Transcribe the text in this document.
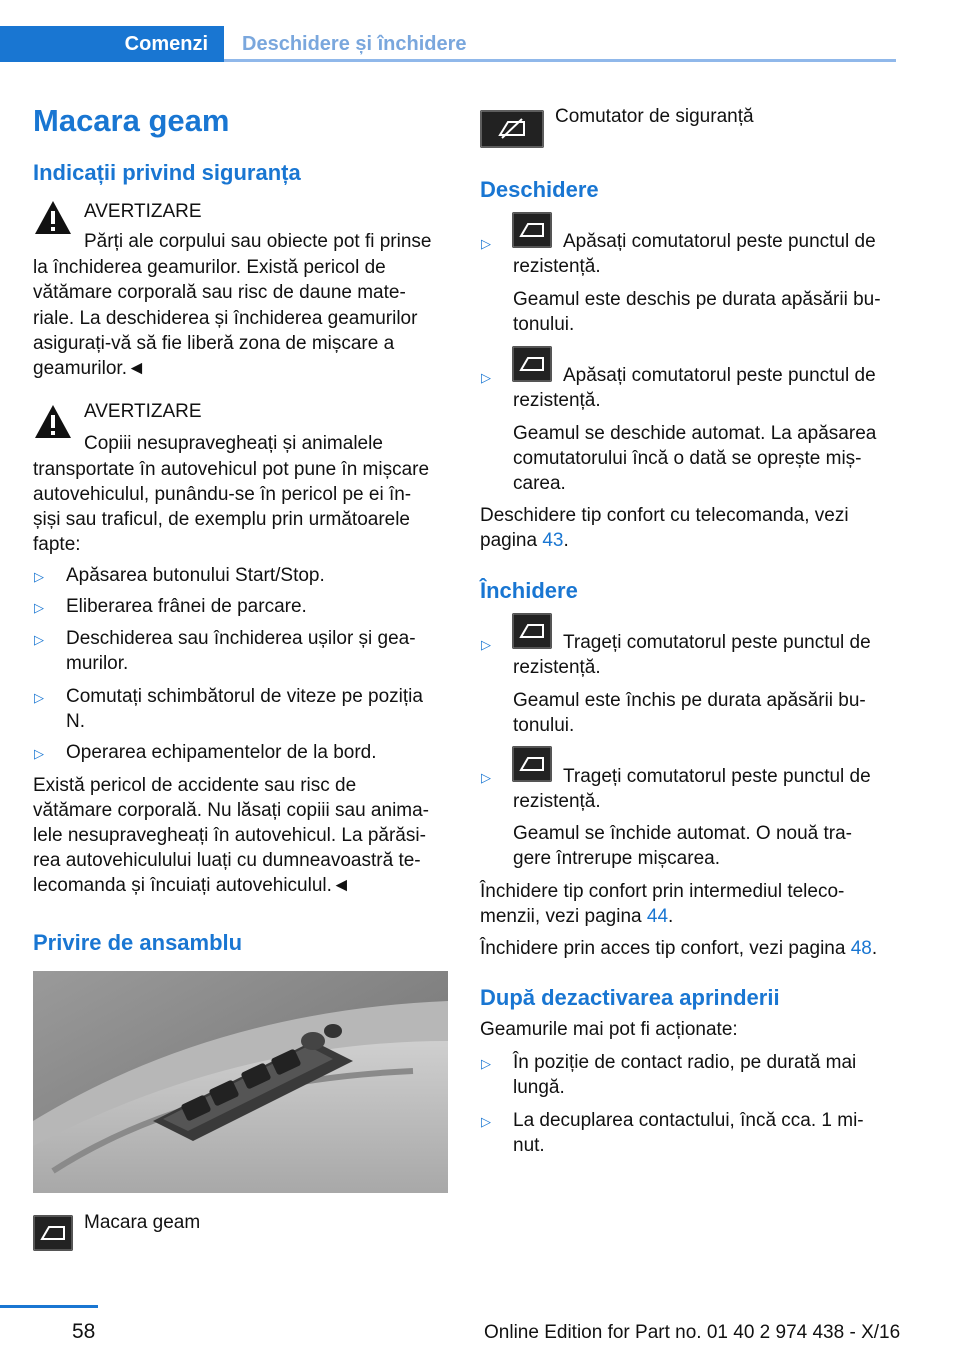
Comenzi	Deschidere și închidere
Macara geam
Indicații privind siguranța

AVERTIZARE

Părți ale corpului sau obiecte pot fi prinse

la închiderea geamurilor. Există pericol de

vătămare corporală sau risc de daune mate-

riale. La deschiderea și închiderea geamurilor

asigurați-vă să fie liberă zona de mișcare a

geamurilor.◄

AVERTIZARE

Copiii nesupravegheați și animalele

transportate în autovehicul pot pune în mișcare

autovehiculul, punându-se în pericol pe ei în-

șiși sau traficul, de exemplu prin următoarele

fapte:

▷ Apăsarea butonului Start/Stop.

▷ Eliberarea frânei de parcare.

▷ Deschiderea sau închiderea ușilor și gea-

murilor.

▷ Comutați schimbătorul de viteze pe poziția

N.

▷ Operarea echipamentelor de la bord.

Există pericol de accidente sau risc de

vătămare corporală. Nu lăsați copiii sau anima-

lele nesupravegheați în autovehicul. La părăsi-

rea autovehiculului luați cu dumneavoastră te-

lecomanda și încuiați autovehiculul.◄

Privire de ansamblu

Macara geam

Comutator de siguranță

Deschidere
▷	Apăsați comutatorul peste punctul de

rezistență.

Geamul este deschis pe durata apăsării bu-

tonului.

▷	Apăsați comutatorul peste punctul de

rezistență.

Geamul se deschide automat. La apăsarea

comutatorului încă o dată se oprește miș-

carea.

Deschidere tip confort cu telecomanda, vezi

pagina 43.

Închidere
▷	Trageți comutatorul peste punctul de

rezistență.

Geamul este închis pe durata apăsării bu-

tonului.

▷	Trageți comutatorul peste punctul de

rezistență.

Geamul se închide automat. O nouă tra-

gere întrerupe mișcarea.

Închidere tip confort prin intermediul teleco-

menzii, vezi pagina 44.

Închidere prin acces tip confort, vezi pagina 48.

După dezactivarea aprinderii

Geamurile mai pot fi acționate:

▷ În poziție de contact radio, pe durată mai

lungă.

▷ La decuplarea contactului, încă cca. 1 mi-

nut.

58	Online Edition for Part no. 01 40 2 974 438 - X/16
